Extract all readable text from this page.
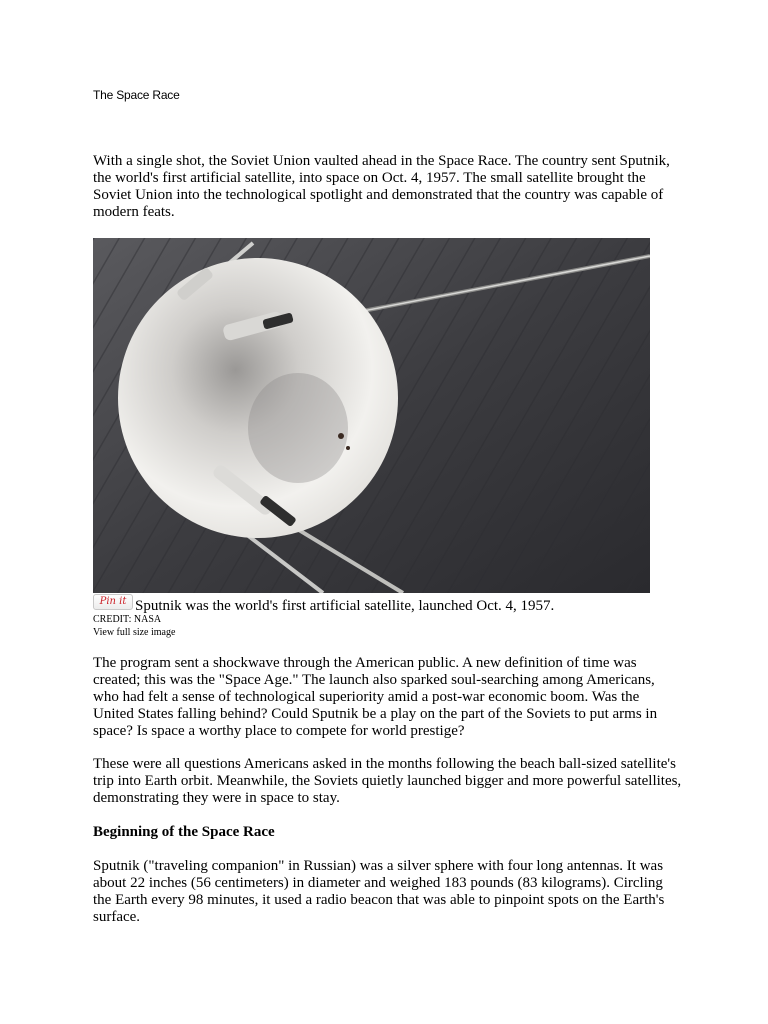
The Space Race

With a single shot, the Soviet Union vaulted ahead in the Space Race. The country sent Sputnik, the world's first artificial satellite, into space on Oct. 4, 1957. The small satellite brought the Soviet Union into the technological spotlight and demonstrated that the country was capable of modern feats.

Pin it Sputnik was the world's first artificial satellite, launched Oct. 4, 1957.
CREDIT: NASA
View full size image

The program sent a shockwave through the American public. A new definition of time was created; this was the "Space Age." The launch also sparked soul-searching among Americans, who had felt a sense of technological superiority amid a post-war economic boom. Was the United States falling behind? Could Sputnik be a play on the part of the Soviets to put arms in space? Is space a worthy place to compete for world prestige?

These were all questions Americans asked in the months following the beach ball-sized satellite's trip into Earth orbit. Meanwhile, the Soviets quietly launched bigger and more powerful satellites, demonstrating they were in space to stay.

Beginning of the Space Race

Sputnik ("traveling companion" in Russian) was a silver sphere with four long antennas. It was about 22 inches (56 centimeters) in diameter and weighed 183 pounds (83 kilograms). Circling the Earth every 98 minutes, it used a radio beacon that was able to pinpoint spots on the Earth's surface.
